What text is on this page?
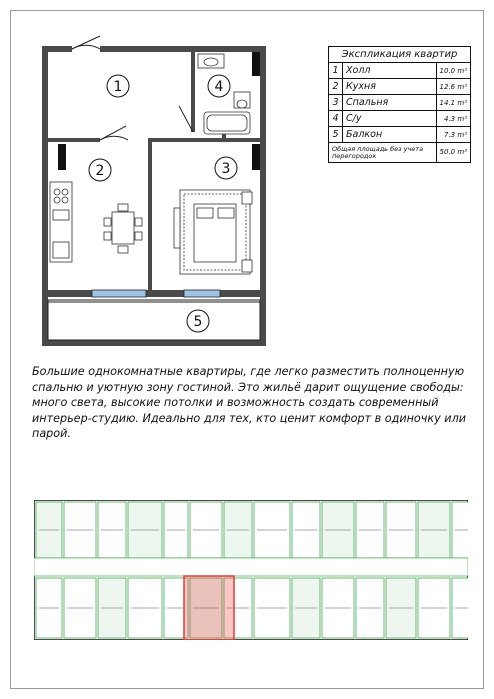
1
2	3
4
5
Экспликация квартир		
1	Холл	10.0 m²
2	Кухня	12.6 m²
3	Спальня	14.1 m²
4	С/у	4.3 m²
5	Балкон	7.3 m²
Общая площадь без учета перегородок		50.0 m²

Большие однокомнатные квартиры, где легко разместить полноценную спальню и уютную зону гостиной. Это жильё дарит ощущение свободы: много света, высокие потолки и возможность создать современный интерьер-студию. Идеально для тех, кто ценит комфорт в одиночку или парой.
